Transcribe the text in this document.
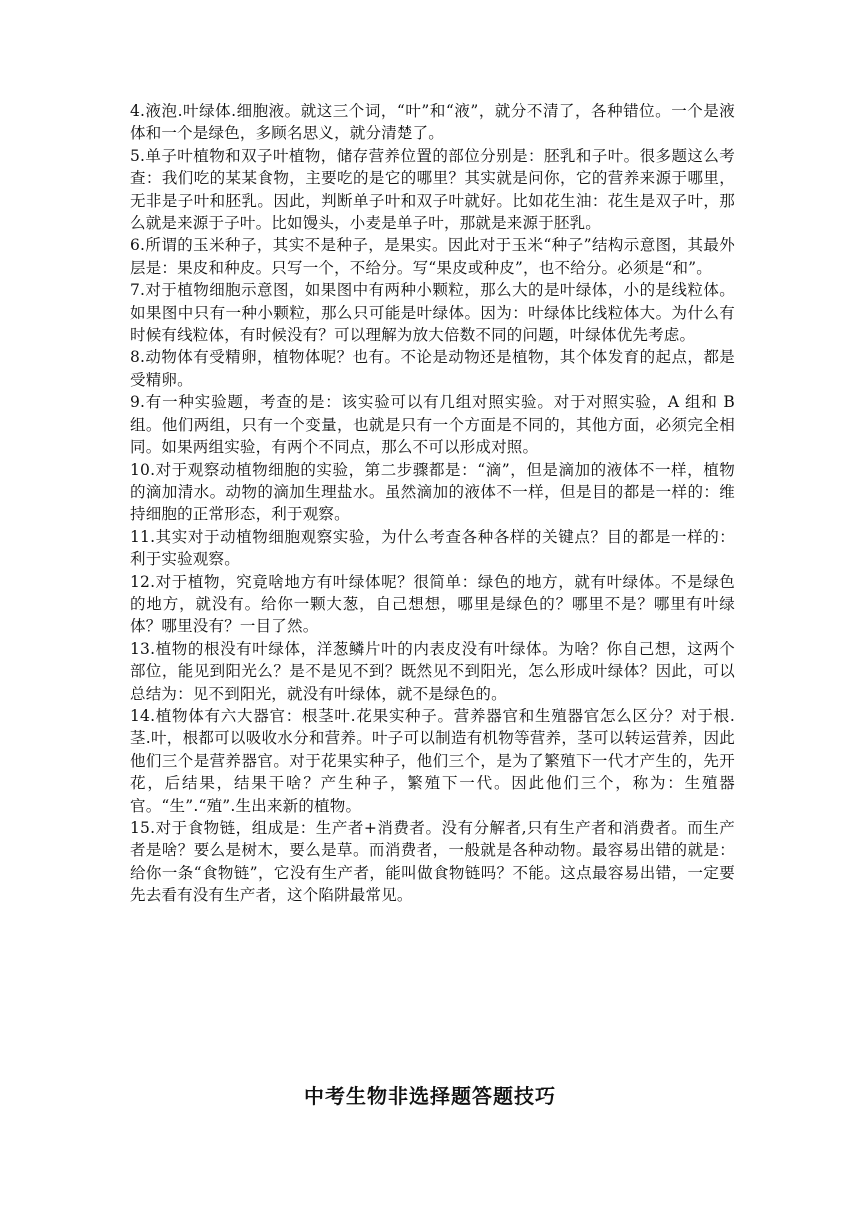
4.液泡.叶绿体.细胞液。就这三个词，“叶”和“液”，就分不清了，各种错位。一个是液体和一个是绿色，多顾名思义，就分清楚了。

5.单子叶植物和双子叶植物，储存营养位置的部位分别是：胚乳和子叶。很多题这么考查：我们吃的某某食物，主要吃的是它的哪里？其实就是问你，它的营养来源于哪里，无非是子叶和胚乳。因此，判断单子叶和双子叶就好。比如花生油：花生是双子叶，那么就是来源于子叶。比如馒头，小麦是单子叶，那就是来源于胚乳。

6.所谓的玉米种子，其实不是种子，是果实。因此对于玉米“种子”结构示意图，其最外层是：果皮和种皮。只写一个，不给分。写“果皮或种皮”，也不给分。必须是“和”。

7.对于植物细胞示意图，如果图中有两种小颗粒，那么大的是叶绿体，小的是线粒体。如果图中只有一种小颗粒，那么只可能是叶绿体。因为：叶绿体比线粒体大。为什么有时候有线粒体，有时候没有？可以理解为放大倍数不同的问题，叶绿体优先考虑。

8.动物体有受精卵，植物体呢？也有。不论是动物还是植物，其个体发育的起点，都是受精卵。

9.有一种实验题，考查的是：该实验可以有几组对照实验。对于对照实验，A 组和 B 组。他们两组，只有一个变量，也就是只有一个方面是不同的，其他方面，必须完全相同。如果两组实验，有两个不同点，那么不可以形成对照。

10.对于观察动植物细胞的实验，第二步骤都是：“滴”，但是滴加的液体不一样，植物的滴加清水。动物的滴加生理盐水。虽然滴加的液体不一样，但是目的都是一样的：维持细胞的正常形态，利于观察。

11.其实对于动植物细胞观察实验，为什么考查各种各样的关键点？目的都是一样的：利于实验观察。

12.对于植物，究竟啥地方有叶绿体呢？很简单：绿色的地方，就有叶绿体。不是绿色的地方，就没有。给你一颗大葱，自己想想，哪里是绿色的？哪里不是？哪里有叶绿体？哪里没有？一目了然。

13.植物的根没有叶绿体，洋葱鳞片叶的内表皮没有叶绿体。为啥？你自己想，这两个部位，能见到阳光么？是不是见不到？既然见不到阳光，怎么形成叶绿体？因此，可以总结为：见不到阳光，就没有叶绿体，就不是绿色的。

14.植物体有六大器官：根茎叶.花果实种子。营养器官和生殖器官怎么区分？对于根.茎.叶，根都可以吸收水分和营养。叶子可以制造有机物等营养，茎可以转运营养，因此他们三个是营养器官。对于花果实种子，他们三个，是为了繁殖下一代才产生的，先开花，后结果，结果干啥？产生种子，繁殖下一代。因此他们三个，称为：生殖器官。“生”.“殖”.生出来新的植物。

15.对于食物链，组成是：生产者+消费者。没有分解者,只有生产者和消费者。而生产者是啥？要么是树木，要么是草。而消费者，一般就是各种动物。最容易出错的就是：给你一条“食物链”，它没有生产者，能叫做食物链吗？不能。这点最容易出错，一定要先去看有没有生产者，这个陷阱最常见。

中考生物非选择题答题技巧
